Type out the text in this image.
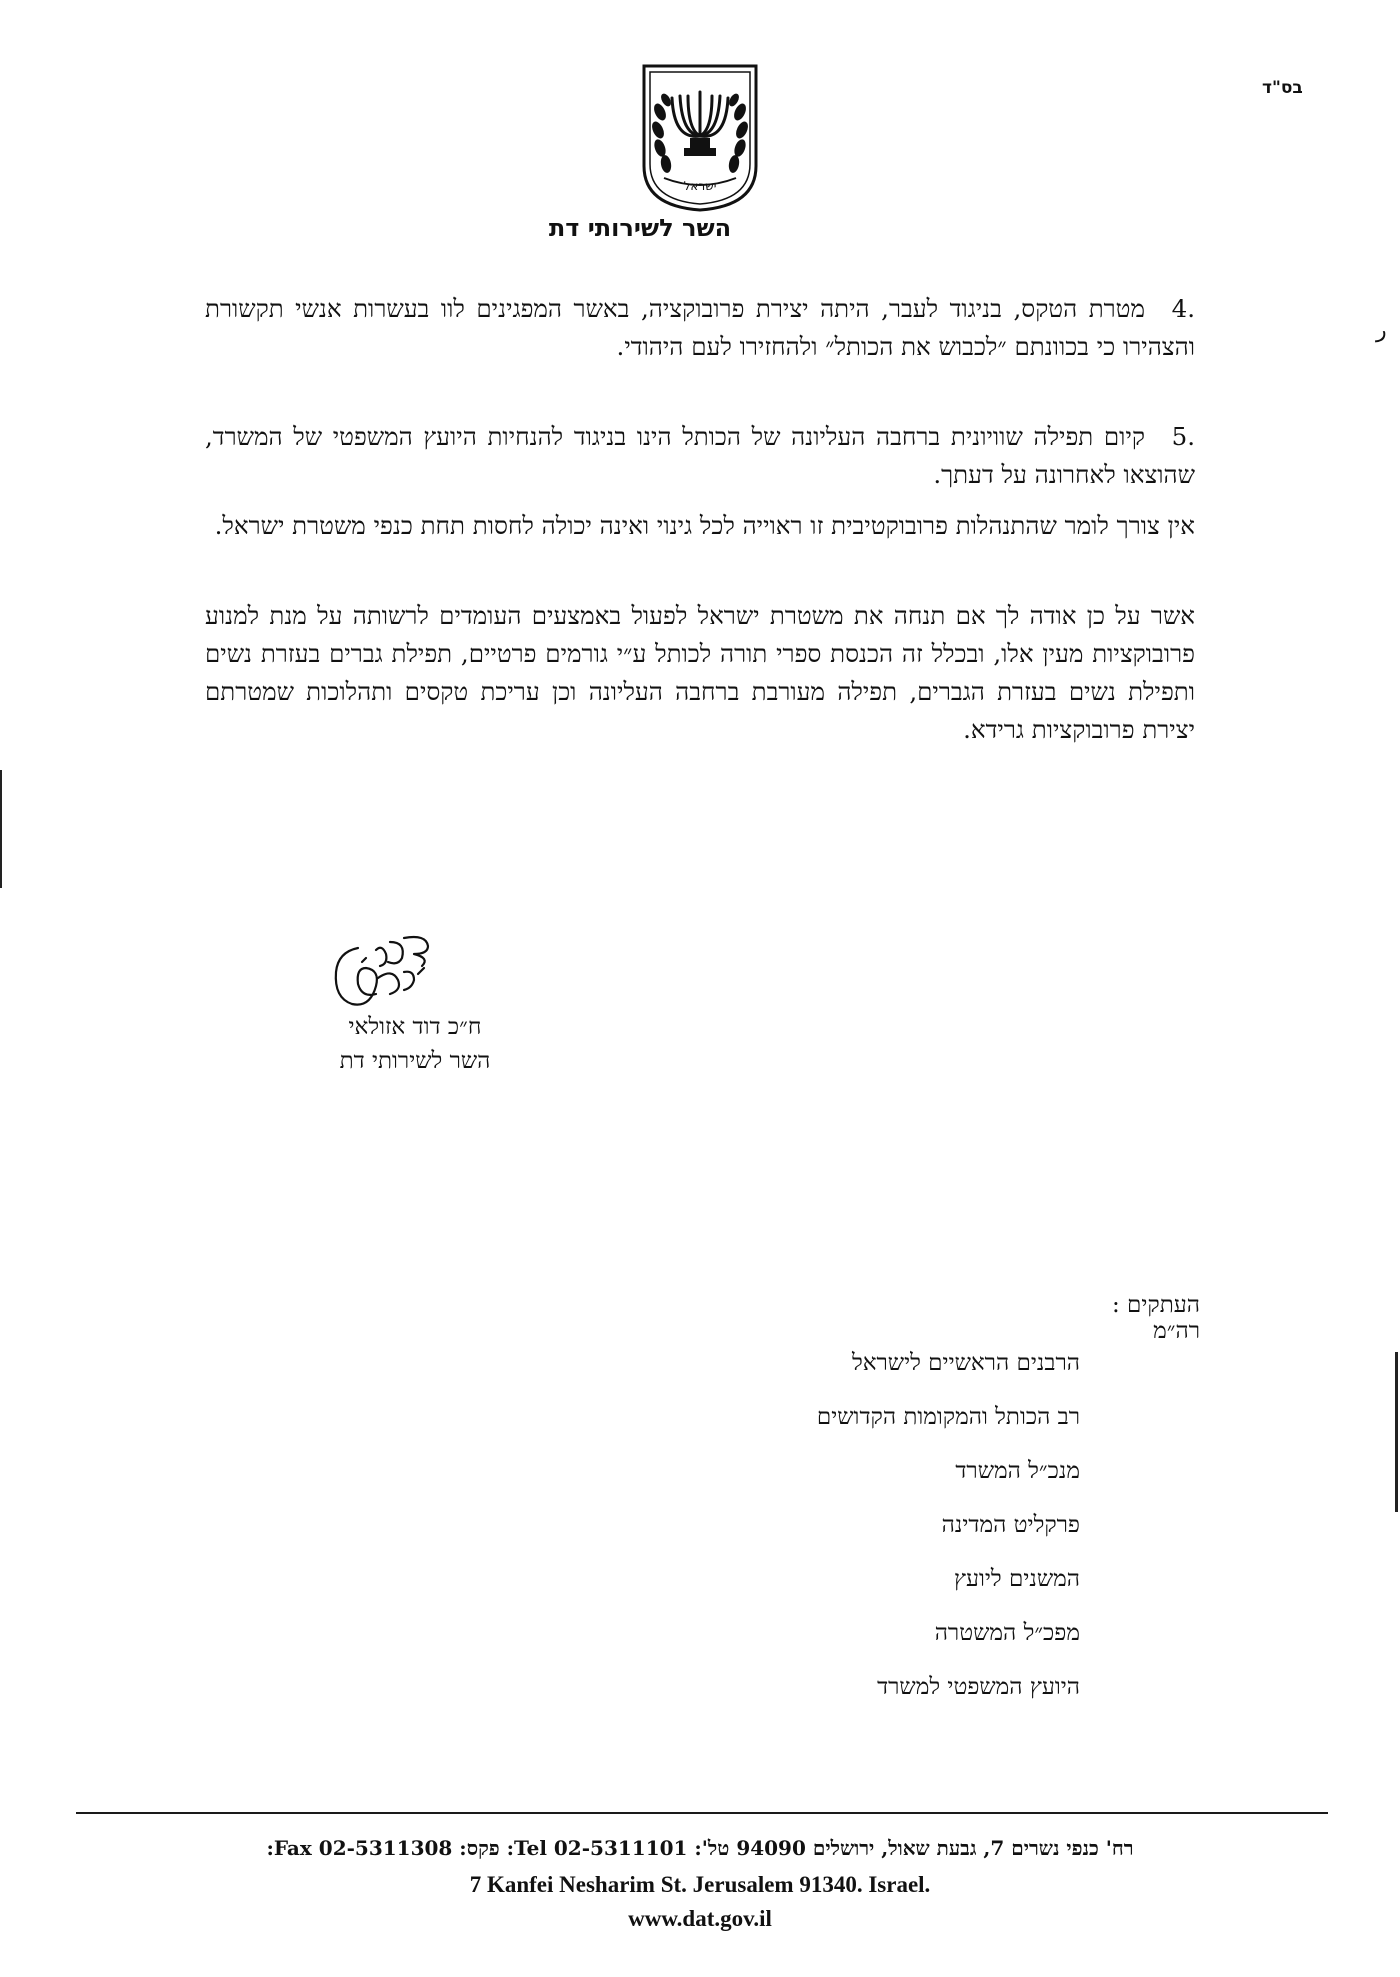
בס"ד
ישראל
השר לשירותי דת
.4מטרת הטקס, בניגוד לעבר, היתה יצירת פרובוקציה, באשר המפגינים לוו בעשרות אנשי תקשורת והצהירו כי בכוונתם ״לכבוש את הכותל״ ולהחזירו לעם היהודי.
.5קיום תפילה שוויונית ברחבה העליונה של הכותל הינו בניגוד להנחיות היועץ המשפטי של המשרד, שהוצאו לאחרונה על דעתך.
אין צורך לומר שהתנהלות פרובוקטיבית זו ראוייה לכל גינוי ואינה יכולה לחסות תחת כנפי משטרת ישראל.
אשר על כן אודה לך אם תנחה את משטרת ישראל לפעול באמצעים העומדים לרשותה על מנת למנוע פרובוקציות מעין אלו, ובכלל זה הכנסת ספרי תורה לכותל ע״י גורמים פרטיים, תפילת גברים בעזרת נשים ותפילת נשים בעזרת הגברים, תפילה מעורבת ברחבה העליונה וכן עריכת טקסים ותהלוכות שמטרתם יצירת פרובוקציות גרידא.
ח״כ דוד אזולאי
השר לשירותי דת
העתקים : רה״מ
הרבנים הראשיים לישראל
רב הכותל והמקומות הקדושים
מנכ״ל המשרד
פרקליט המדינה
המשנים ליועץ
מפכ״ל המשטרה
היועץ המשפטי למשרד
רח' כנפי נשרים 7, גבעת שאול, ירושלים 94090 טל': 02-5311101 Tel: פקס: 02-5311308 Fax:
7 Kanfei Nesharim St. Jerusalem 91340. Israel.
www.dat.gov.il
ر
